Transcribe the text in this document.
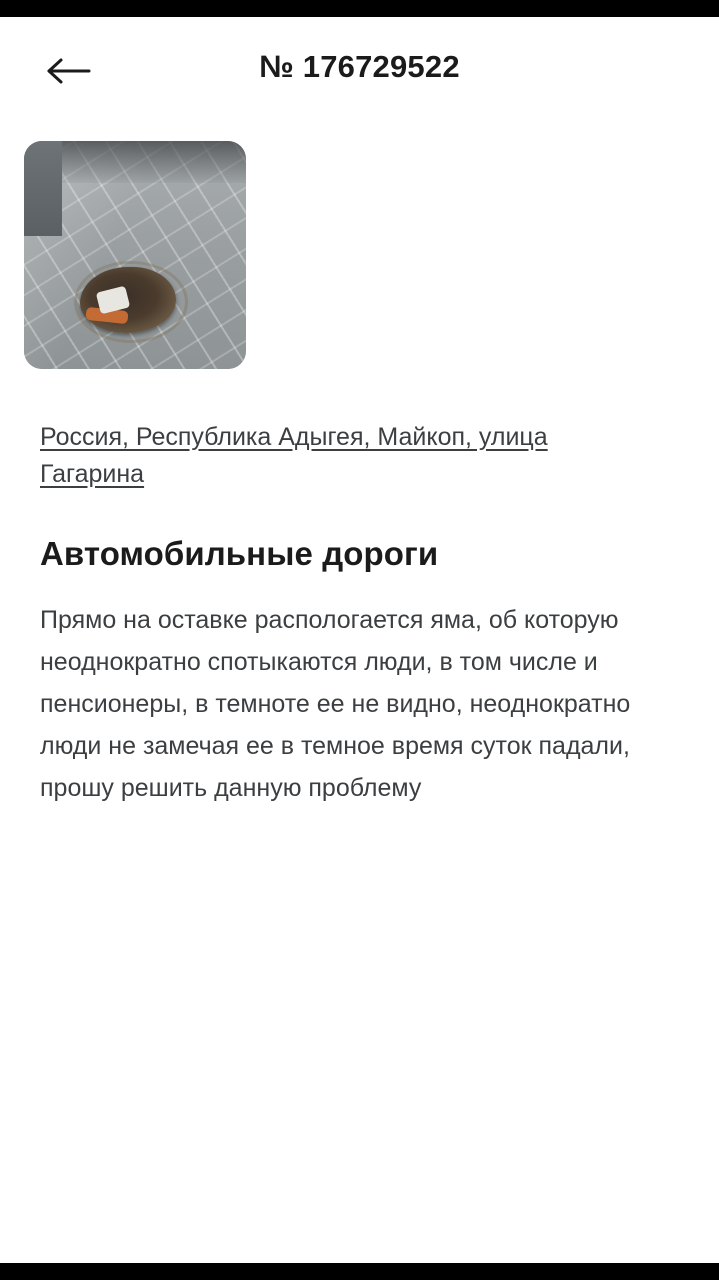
№ 176729522
Россия, Республика Адыгея, Майкоп, улица Гагарина
Автомобильные дороги
Прямо на оставке распологается яма, об которую неоднократно спотыкаются люди, в том числе и пенсионеры, в темноте ее не видно, неоднократно люди не замечая ее в темное время суток падали, прошу решить данную проблему
